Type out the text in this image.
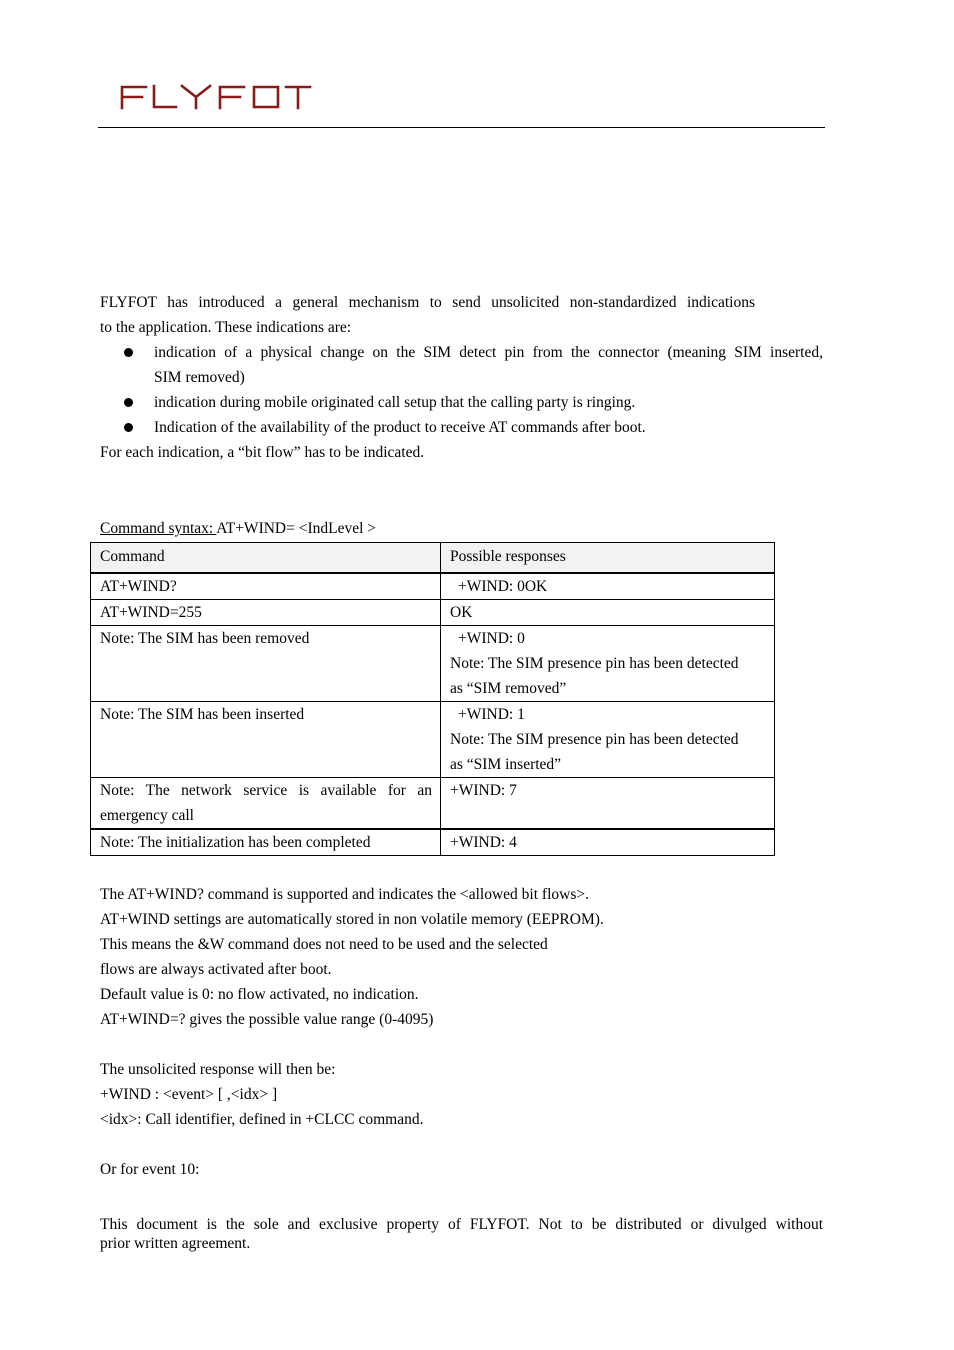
FLYFOT has introduced a general mechanism to send unsolicited non-standardized indications

to the application. These indications are:

indication of a physical change on the SIM detect pin from the connector (meaning SIM inserted,
SIM removed)
indication during mobile originated call setup that the calling party is ringing.
Indication of the availability of the product to receive AT commands after boot.

For each indication, a “bit flow” has to be indicated.

Command syntax: AT+WIND= <IndLevel >
Command	Possible responses
AT+WIND?	+WIND: 0OK
AT+WIND=255	OK
Note: The SIM has been removed	+WIND: 0
Note: The SIM presence pin has been detected
as “SIM removed”

Note: The SIM has been inserted	+WIND: 1
Note: The SIM presence pin has been detected
as “SIM inserted”

Note: The network service is available for an
emergency call	+WIND: 7
Note: The initialization has been completed	+WIND: 4

The AT+WIND? command is supported and indicates the <allowed bit flows>.

AT+WIND settings are automatically stored in non volatile memory (EEPROM).

This means the &W command does not need to be used and the selected

flows are always activated after boot.

Default value is 0: no flow activated, no indication.

AT+WIND=? gives the possible value range (0-4095)

The unsolicited response will then be:

+WIND : <event> [ ,<idx> ]

<idx>: Call identifier, defined in +CLCC command.

Or for event 10:

This document is the sole and exclusive property of FLYFOT. Not to be distributed or divulged without
prior written agreement.
